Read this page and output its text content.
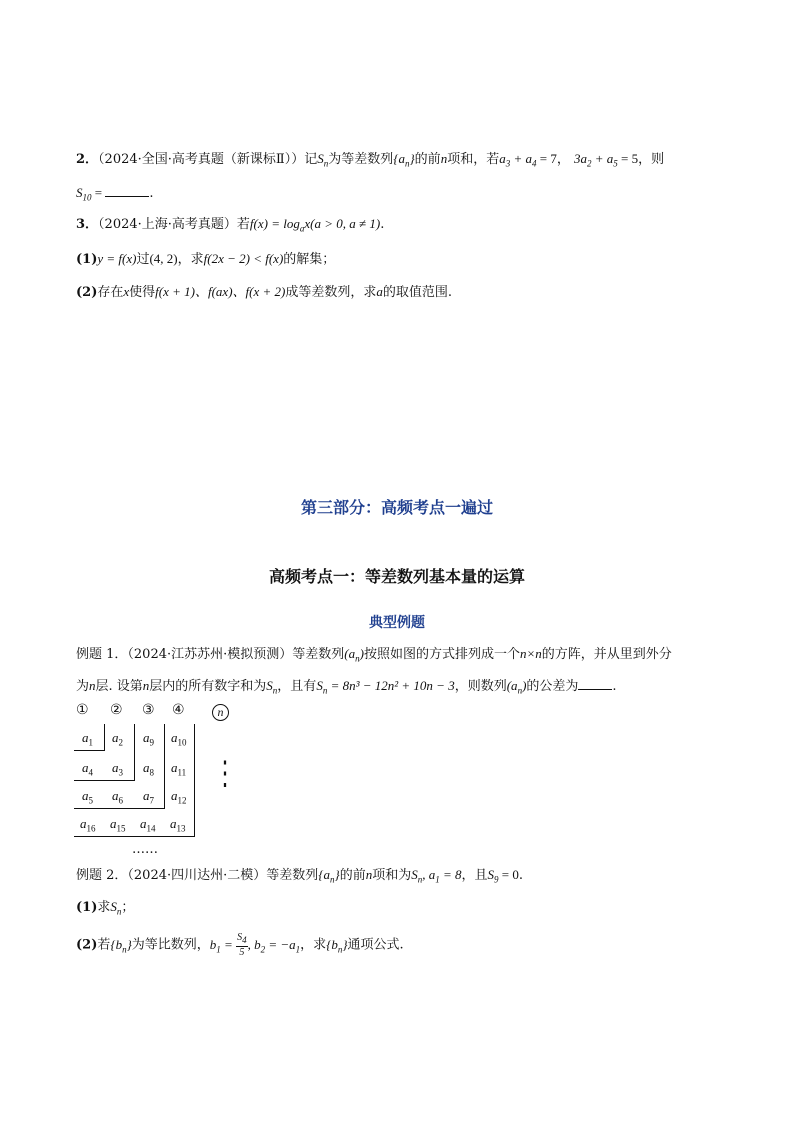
2．（2024·全国·高考真题（新课标Ⅱ））记$S_n$为等差数列$\{a_n\}$的前n项和，若$a_3 + a_4 = 7$， $3a_2 + a_5 = 5$，则
$S_{10}$ =	.
3．（2024·上海·高考真题）若$f(x) = \log_ax(a > 0$, a ≠ 1).
(1)y = f(x)过(4, 2)，求f(2x − 2) < f(x)的解集；
(2)存在x使得f(x + 1)、f(ax)、f(x + 2)成等差数列，求a的取值范围.
第三部分：高频考点一遍过
高频考点一：等差数列基本量的运算
典型例题
例题 1．（2024·江苏苏州·模拟预测）等差数列$(a_n)$按照如图的方式排列成一个n×n的方阵，并从里到外分
为n层. 设第n层内的所有数字和为$S_n$，且有$S_n = 8n^3 - 12n^2 + 10n - 3$，则数列$(a_n)$的公差为	.
① ② ③ ④	n
$a_1$ $a_2$ $a_9$ $a_{10}$
$a_4$ $a_3$ $a_8$ $a_{11}$
$a_5$ $a_6$ $a_7$ $a_{12}$
$a_{16}$ $a_{15}$ $a_{14}$ $a_{13}$
⋮
……
例题 2．（2024·四川达州·二模）等差数列$\{a_n\}$的前n项和为$S_n$, $a_1 = 8$，且$S_9 = 0$.
(1)求$S_n$；
(2)若$\{b_n\}$为等比数列，$b_1 = \frac{S_4}{5}$ , $b_2 = -a_1$，求$\{b_n\}$通项公式.
